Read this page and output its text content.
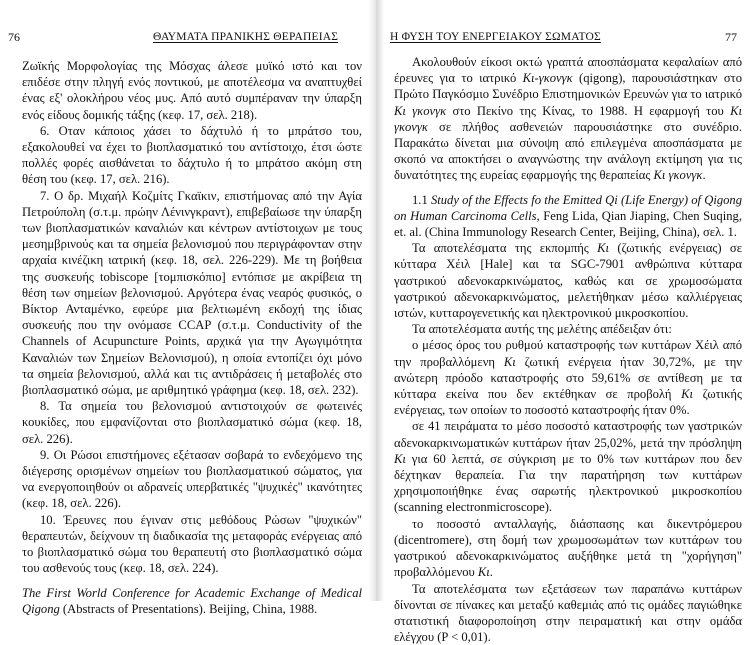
76	ΘΑΥΜΑΤΑ ΠΡΑΝΙΚΗΣ ΘΕΡΑΠΕΙΑΣ

Ζωϊκής Μορφολογίας της Μόσχας άλεσε μυϊκό ιστό και τον επιδέσε στην πληγή ενός ποντικού, με αποτέλεσμα να αναπτυχθεί ένας εξ' ολοκλήρου νέος μυς. Από αυτό συμπέραναν την ύπαρξη ενός είδους δομικής τάξης (κεφ. 17, σελ. 218).

6. Οταν κάποιος χάσει το δάχτυλό ή το μπράτσο του, εξακολουθεί να έχει το βιοπλασματικό του αντίστοιχο, έτσι ώστε πολλές φορές αισθάνεται το δάχτυλο ή το μπράτσο ακόμη στη θέση του (κεφ. 17, σελ. 216).

7. Ο δρ. Μιχαήλ Κοζμίτς Γκαϊκιν, επιστήμονας από την Αγία Πετρούπολη (σ.τ.μ. πρώην Λένινγκραντ), επιβεβαίωσε την ύπαρξη των βιοπλασματικών καναλιών και κέντρων αντίστοιχων με τους μεσημβρινούς και τα σημεία βελονισμού που περιγράφονταν στην αρχαία κινέζικη ιατρική (κεφ. 18, σελ. 226-229). Με τη βοήθεια της συσκευής tobiscope [τομπισκόπιο] εντόπισε με ακρίβεια τη θέση των σημείων βελονισμού. Αργότερα ένας νεαρός φυσικός, ο Βίκτορ Ανταμένκο, εφεύρε μια βελτιωμένη εκδοχή της ίδιας συσκευής που την ονόμασε CCAP (σ.τ.μ. Conductivity of the Channels of Acupuncture Points, αρχικά για την Αγωγιμότητα Καναλιών των Σημείων Βελονισμού), η οποία εντοπίζει όχι μόνο τα σημεία βελονισμού, αλλά και τις αντιδράσεις ή μεταβολές στο βιοπλασματικό σώμα, με αριθμητικό γράφημα (κεφ. 18, σελ. 232).

8. Τα σημεία του βελονισμού αντιστοιχούν σε φωτεινές κουκίδες, που εμφανίζονται στο βιοπλασματικό σώμα (κεφ. 18, σελ. 226).

9. Οι Ρώσοι επιστήμονες εξέτασαν σοβαρά το ενδεχόμενο της διέγερσης ορισμένων σημείων του βιοπλασματικού σώματος, για να ενεργοποιηθούν οι αδρανείς υπερβατικές "ψυχικές" ικανότητες (κεφ. 18, σελ. 226).

10. Έρευνες που έγιναν στις μεθόδους Ρώσων "ψυχικών" θεραπευτών, δείχνουν τη διαδικασία της μεταφοράς ενέργειας από το βιοπλασματικό σώμα του θεραπευτή στο βιοπλασματικό σώμα του ασθενούς τους (κεφ. 18, σελ. 224).

The First World Conference for Academic Exchange of Medical Qigong (Abstracts of Presentations). Beijing, China, 1988.

Η ΦΥΣΗ ΤΟΥ ΕΝΕΡΓΕΙΑΚΟΥ ΣΩΜΑΤΟΣ	77

Ακολουθούν είκοσι οκτώ γραπτά αποσπάσματα κεφαλαίων από έρευνες για το ιατρικό Κι-γκονγκ (qigong), παρουσιάστηκαν στο Πρώτο Παγκόσμιο Συνέδριο Επιστημονικών Ερευνών για το ιατρικό Κι γκονγκ στο Πεκίνο της Κίνας, το 1988. Η εφαρμογή του Κι γκονγκ σε πλήθος ασθενειών παρουσιάστηκε στο συνέδριο. Παρακάτω δίνεται μια σύνοψη από επιλεγμένα αποσπάσματα με σκοπό να αποκτήσει ο αναγνώστης την ανάλογη εκτίμηση για τις δυνατότητες της ευρείας εφαρμογής της θεραπείας Κι γκονγκ.

1.1 Study of the Effects fo the Emitted Qi (Life Energy) of Qigong on Human Carcinoma Cells, Feng Lida, Qian Jiaping, Chen Suqing, et. al. (China Immunology Research Center, Beijing, China), σελ. 1.

Τα αποτελέσματα της εκπομπής Κι (ζωτικής ενέργειας) σε κύτταρα Χέιλ [Hale] και τα SGC-7901 ανθρώπινα κύτταρα γαστρικού αδενοκαρκινώματος, καθώς και σε χρωμοσώματα γαστρικού αδενοκαρκινώματος, μελετήθηκαν μέσω καλλιέργειας ιστών, κυτταρογενετικής και ηλεκτρονικού μικροσκοπίου.

Τα αποτελέσματα αυτής της μελέτης απέδειξαν ότι:

ο μέσος όρος του ρυθμού καταστροφής των κυττάρων Χέιλ από την προβαλλόμενη Κι ζωτική ενέργεια ήταν 30,72%, με την ανώτερη πρόοδο καταστροφής στο 59,61% σε αντίθεση με τα κύτταρα εκείνα που δεν εκτέθηκαν σε προβολή Κι ζωτικής ενέργειας, των οποίων το ποσοστό καταστροφής ήταν 0%.

σε 41 πειράματα το μέσο ποσοστό καταστροφής των γαστρικών αδενοκαρκινωματικών κυττάρων ήταν 25,02%, μετά την πρόσληψη Κι για 60 λεπτά, σε σύγκριση με το 0% των κυττάρων που δεν δέχτηκαν θεραπεία. Για την παρατήρηση των κυττάρων χρησιμοποιήθηκε ένας σαρωτής ηλεκτρονικού μικροσκοπίου (scanning electronmicroscope).

το ποσοστό ανταλλαγής, διάσπασης και δικεντρόμερου (dicentromere), στη δομή των χρωμοσωμάτων των κυττάρων του γαστρικού αδενοκαρκινώματος αυξήθηκε μετά τη "χορήγηση" προβαλλόμενου Κι.

Τα αποτελέσματα των εξετάσεων των παραπάνω κυττάρων δίνονται σε πίνακες και μεταξύ καθεμιάς από τις ομάδες παγιώθηκε στατιστική διαφοροποίηση στην πειραματική και στην ομάδα ελέγχου (P < 0,01).
